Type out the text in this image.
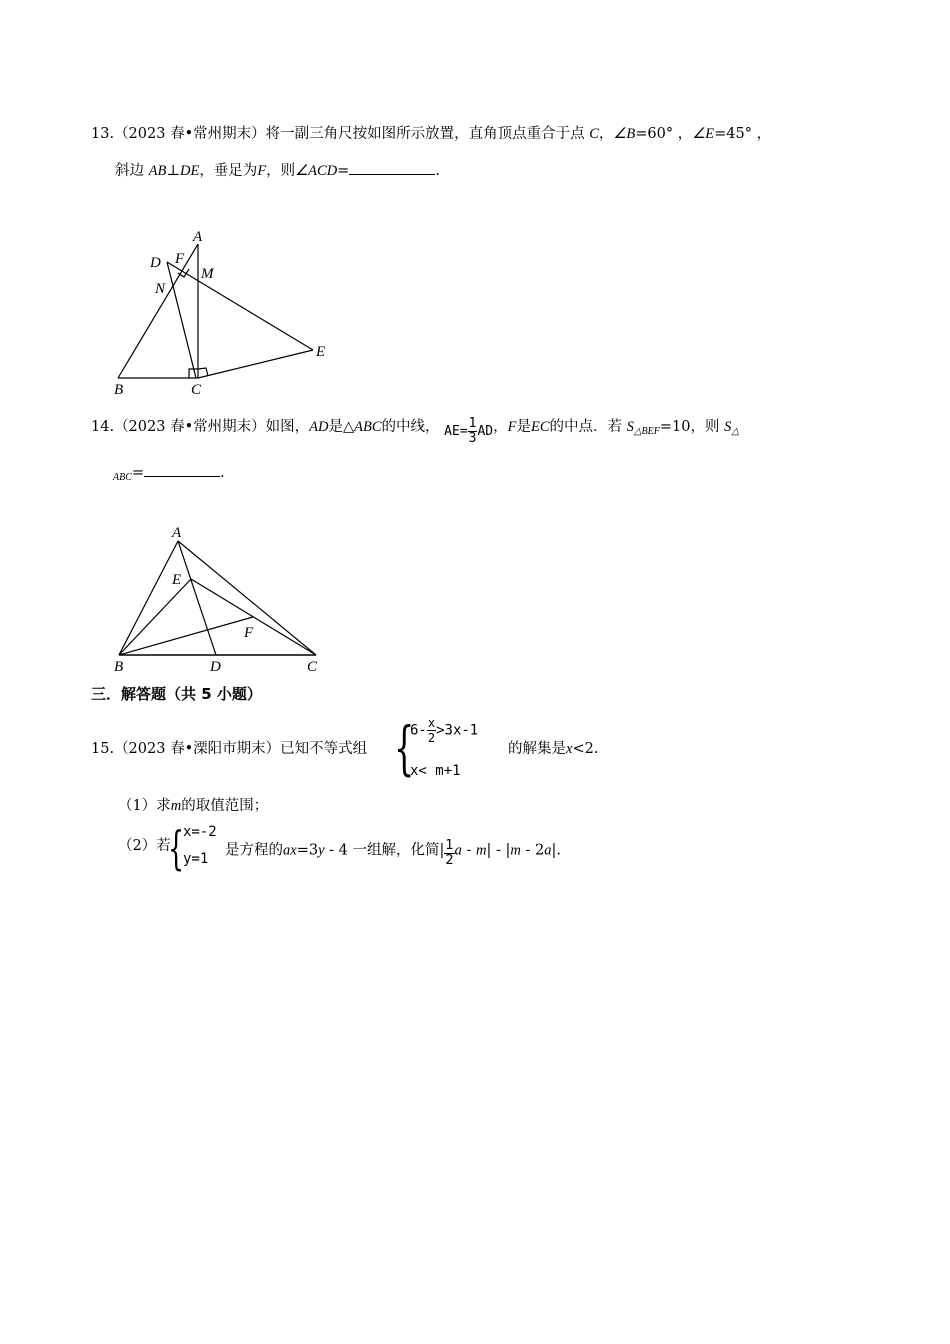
13.（2023 春•常州期末）将一副三角尺按如图所示放置，直角顶点重合于点 C，∠B=60° ，∠E=45° ，
斜边 AB⊥DE，垂足为F，则∠ACD=	.
A
D F
M
N
B	C
E
14.（2023 春•常州期末）如图，AD是△ABC的中线， $AE= \frac{1}{3}$ AD，F是EC的中点．若 $S_{\triangle BEF}=10$，则 $S_\triangle$
$_{ABC}$=	.
A
E
F
B	D	C
三．解答题（共 5 小题）
15.（2023 春•溧阳市期末）已知不等式组 {
$6- \frac{x}{2} >3x-1$
x< m+1
的解集是x<2.
（1）求m的取值范围；
（2）若
{
x=-2
y=1
是方程的ax=3y - 4 一组解，化简| $\frac{1}{2}$ a - m| - |m - 2a|.
